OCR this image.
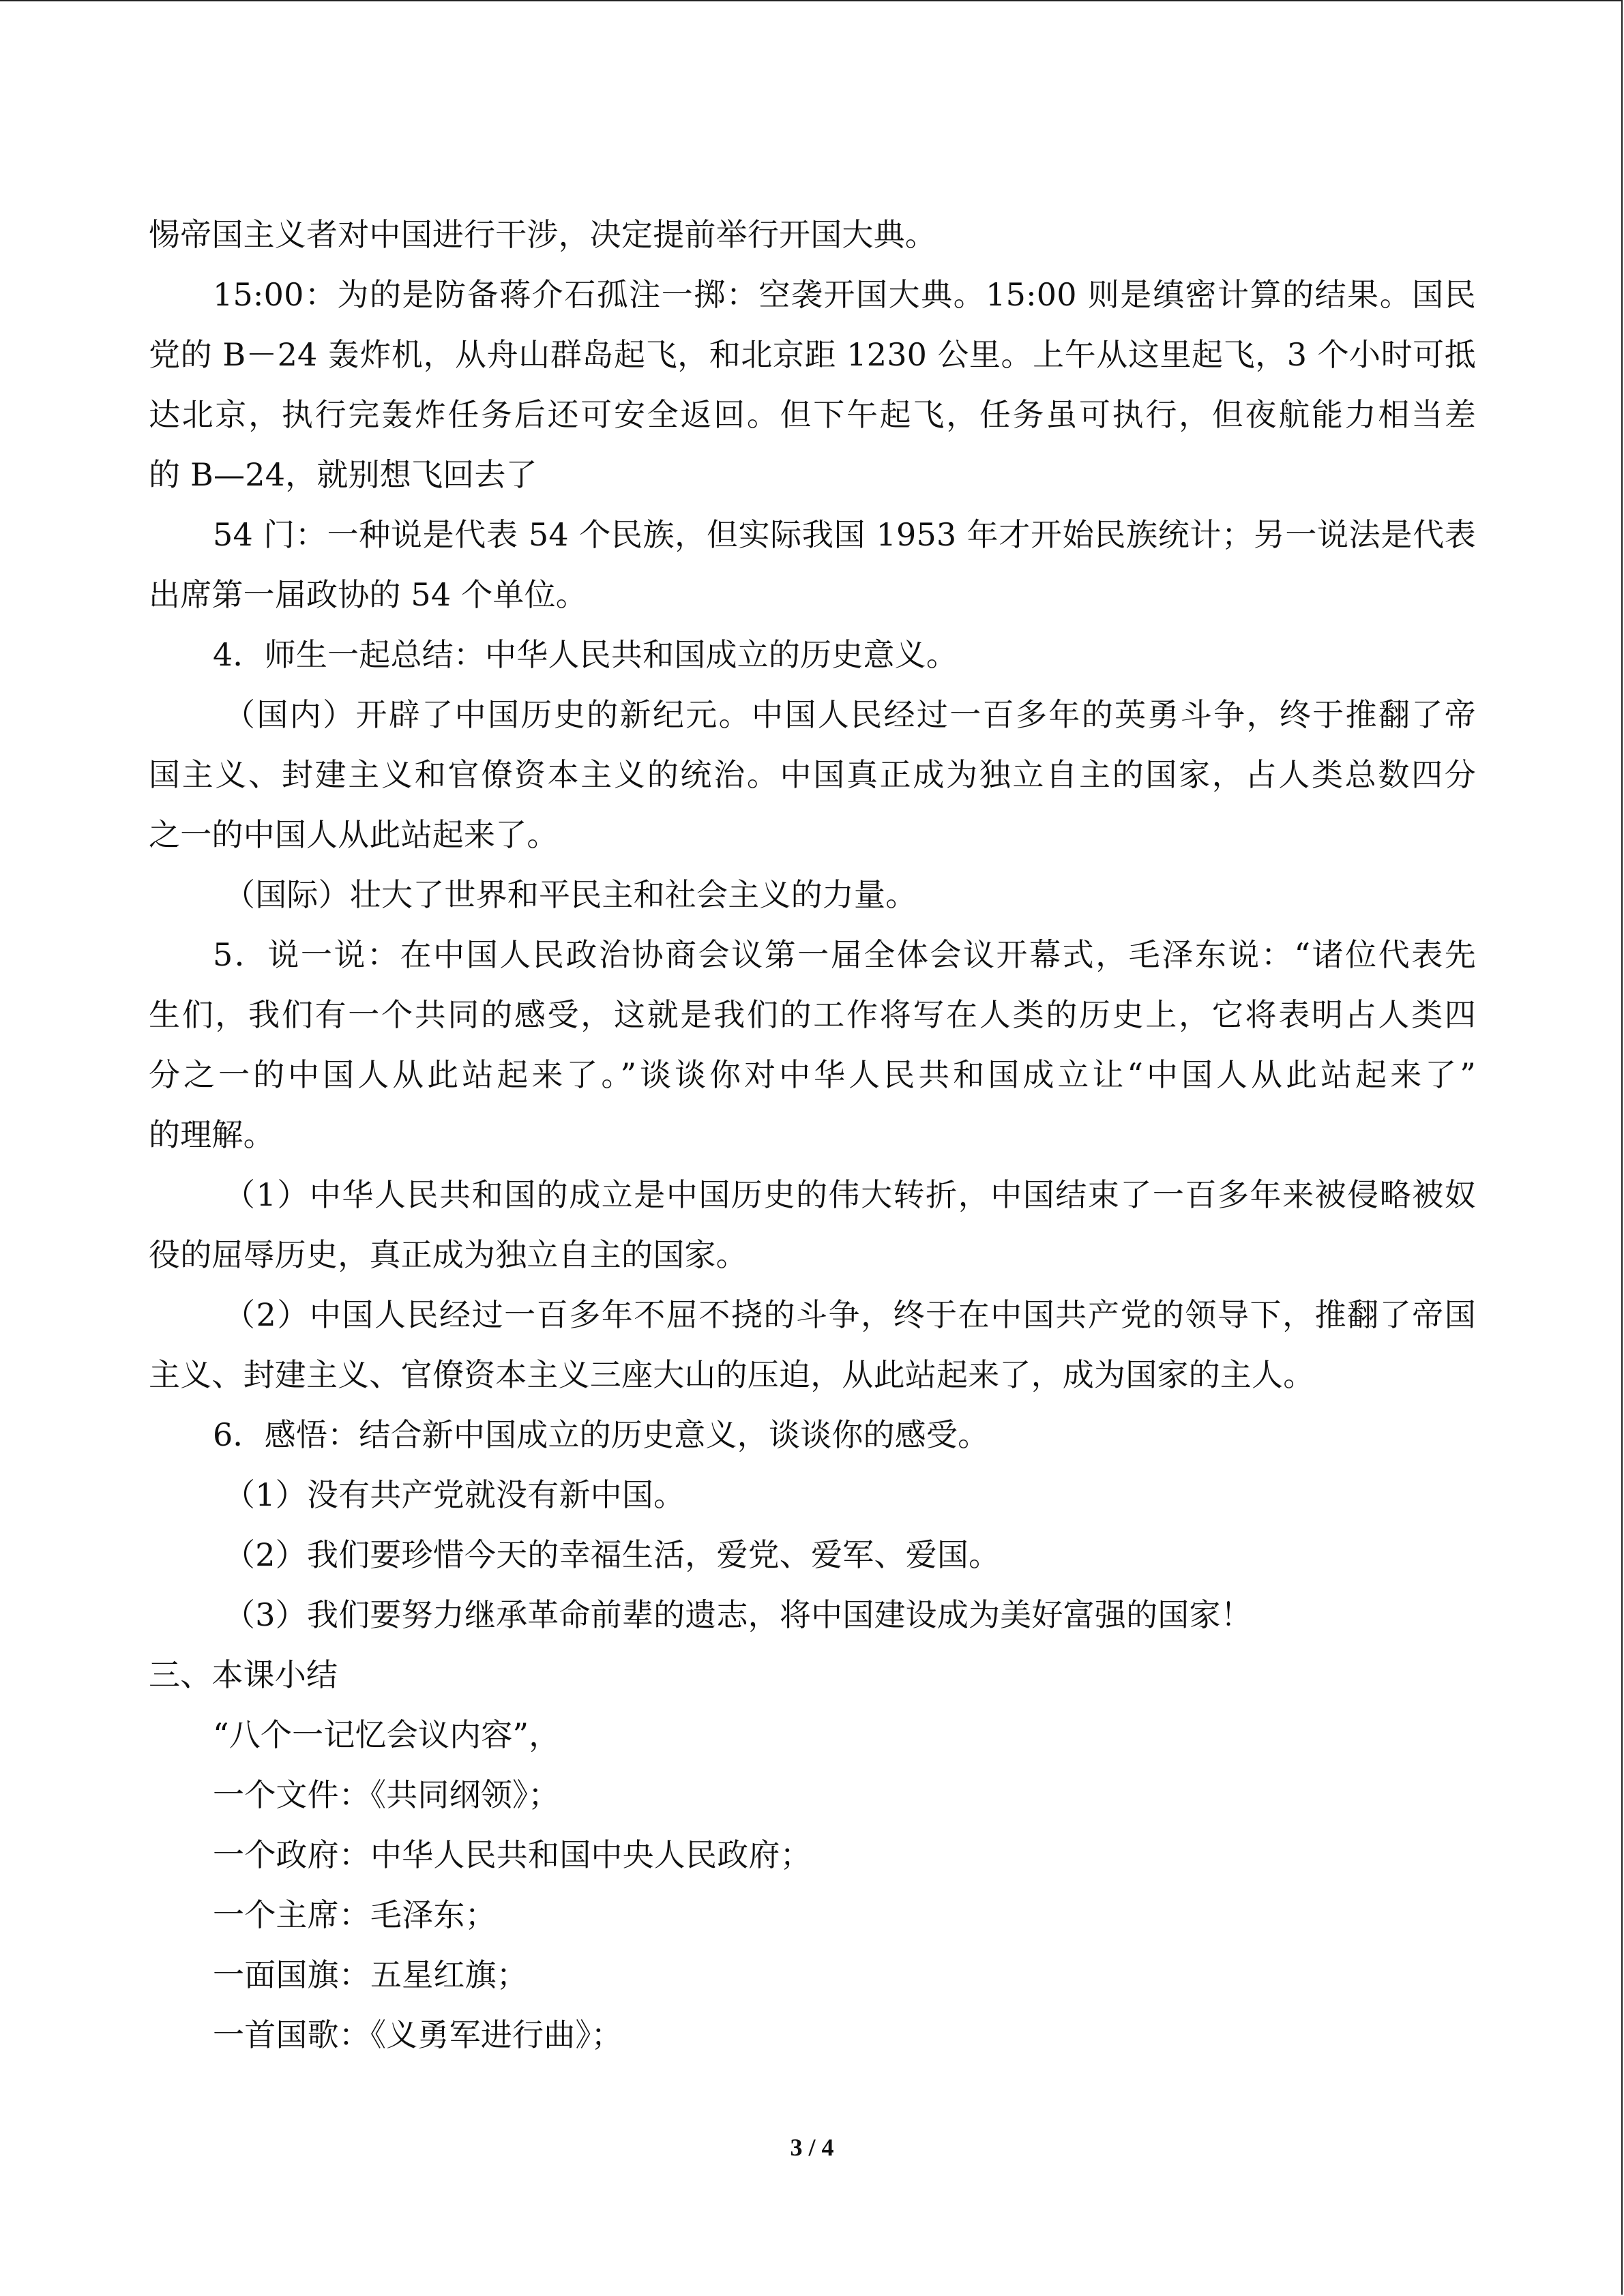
惕帝国主义者对中国进行干涉，决定提前举行开国大典。
15:00：为的是防备蒋介石孤注一掷：空袭开国大典。15:00 则是缜密计算的结果。国民
党的 B－24 轰炸机，从舟山群岛起飞，和北京距 1230 公里。上午从这里起飞，3 个小时可抵
达北京，执行完轰炸任务后还可安全返回。但下午起飞，任务虽可执行，但夜航能力相当差
的 B—24，就别想飞回去了
54 门：一种说是代表 54 个民族，但实际我国 1953 年才开始民族统计；另一说法是代表
出席第一届政协的 54 个单位。
4．师生一起总结：中华人民共和国成立的历史意义。
（国内）开辟了中国历史的新纪元。中国人民经过一百多年的英勇斗争，终于推翻了帝
国主义、封建主义和官僚资本主义的统治。中国真正成为独立自主的国家，占人类总数四分
之一的中国人从此站起来了。
（国际）壮大了世界和平民主和社会主义的力量。
5．说一说：在中国人民政治协商会议第一届全体会议开幕式，毛泽东说：“诸位代表先
生们，我们有一个共同的感受，这就是我们的工作将写在人类的历史上，它将表明占人类四
分之一的中国人从此站起来了。”谈谈你对中华人民共和国成立让“中国人从此站起来了”
的理解。
（1）中华人民共和国的成立是中国历史的伟大转折，中国结束了一百多年来被侵略被奴
役的屈辱历史，真正成为独立自主的国家。
（2）中国人民经过一百多年不屈不挠的斗争，终于在中国共产党的领导下，推翻了帝国
主义、封建主义、官僚资本主义三座大山的压迫，从此站起来了，成为国家的主人。
6．感悟：结合新中国成立的历史意义，谈谈你的感受。
（1）没有共产党就没有新中国。
（2）我们要珍惜今天的幸福生活，爱党、爱军、爱国。
（3）我们要努力继承革命前辈的遗志，将中国建设成为美好富强的国家！
三、本课小结
“八个一记忆会议内容”，
一个文件：《共同纲领》；
一个政府：中华人民共和国中央人民政府；
一个主席：毛泽东；
一面国旗：五星红旗；
一首国歌：《义勇军进行曲》；
3 / 4
